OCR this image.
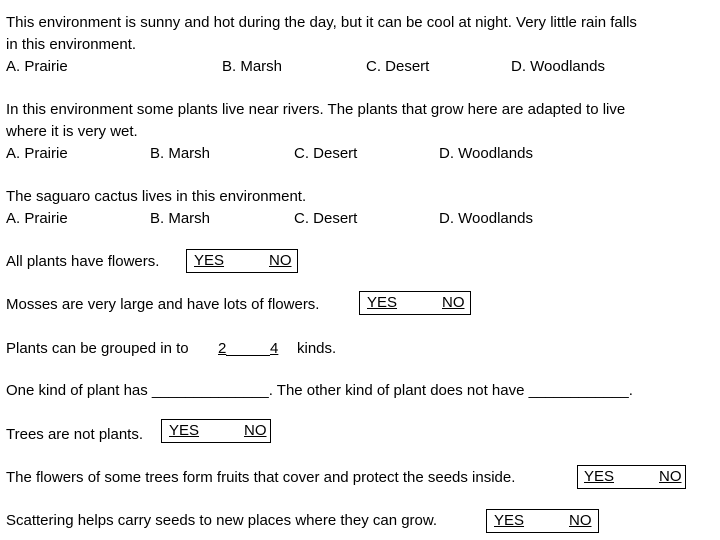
This environment is sunny and hot during the day, but it can be cool at night. Very little rain falls
in this environment.
A. Prairie	B. Marsh	C. Desert	D. Woodlands
In this environment some plants live near rivers. The plants that grow here are adapted to live
where it is very wet.
A. Prairie	B. Marsh	C. Desert	D. Woodlands
The saguaro cactus lives in this environment.
A. Prairie	B. Marsh	C. Desert	D. Woodlands
All plants have flowers. YES	NO
Mosses are very large and have lots of flowers.	YES	NO
Plants can be grouped in to 2	4 kinds.
One kind of plant has ______________. The other kind of plant does not have ____________.
Trees are not plants. YES	NO
The flowers of some trees form fruits that cover and protect the seeds inside.	YES	NO
Scattering helps carry seeds to new places where they can grow.	YES	NO
